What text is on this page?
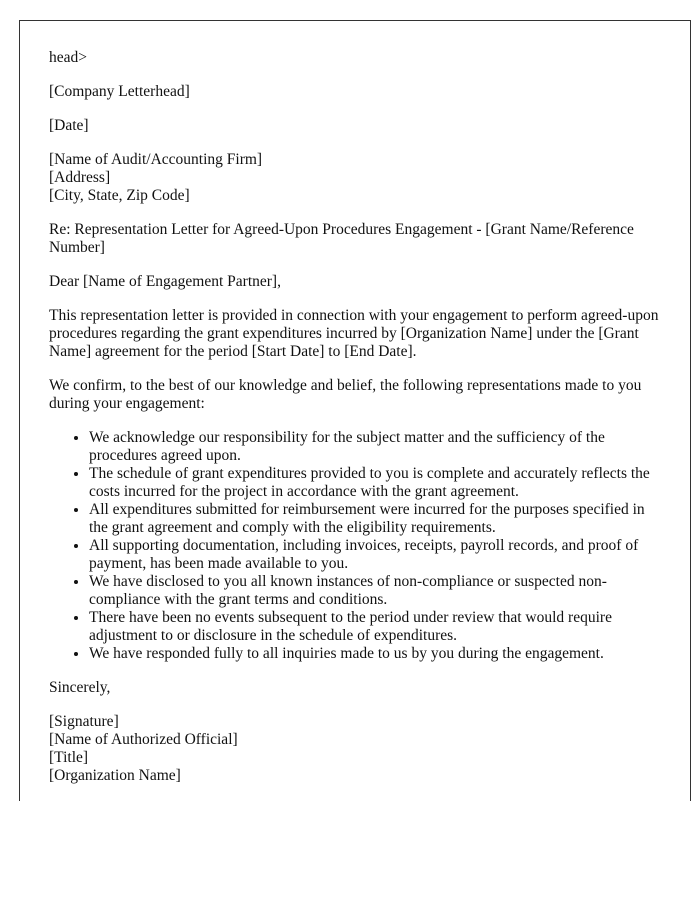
head>

[Company Letterhead]

[Date]

[Name of Audit/Accounting Firm]
[Address]
[City, State, Zip Code]

Re: Representation Letter for Agreed-Upon Procedures Engagement - [Grant Name/Reference Number]

Dear [Name of Engagement Partner],

This representation letter is provided in connection with your engagement to perform agreed-upon procedures regarding the grant expenditures incurred by [Organization Name] under the [Grant Name] agreement for the period [Start Date] to [End Date].

We confirm, to the best of our knowledge and belief, the following representations made to you during your engagement:

• We acknowledge our responsibility for the subject matter and the sufficiency of the procedures agreed upon.
• The schedule of grant expenditures provided to you is complete and accurately reflects the costs incurred for the project in accordance with the grant agreement.
• All expenditures submitted for reimbursement were incurred for the purposes specified in the grant agreement and comply with the eligibility requirements.
• All supporting documentation, including invoices, receipts, payroll records, and proof of payment, has been made available to you.
• We have disclosed to you all known instances of non-compliance or suspected non-compliance with the grant terms and conditions.
• There have been no events subsequent to the period under review that would require adjustment to or disclosure in the schedule of expenditures.
• We have responded fully to all inquiries made to us by you during the engagement.

Sincerely,

[Signature]
[Name of Authorized Official]
[Title]
[Organization Name]
